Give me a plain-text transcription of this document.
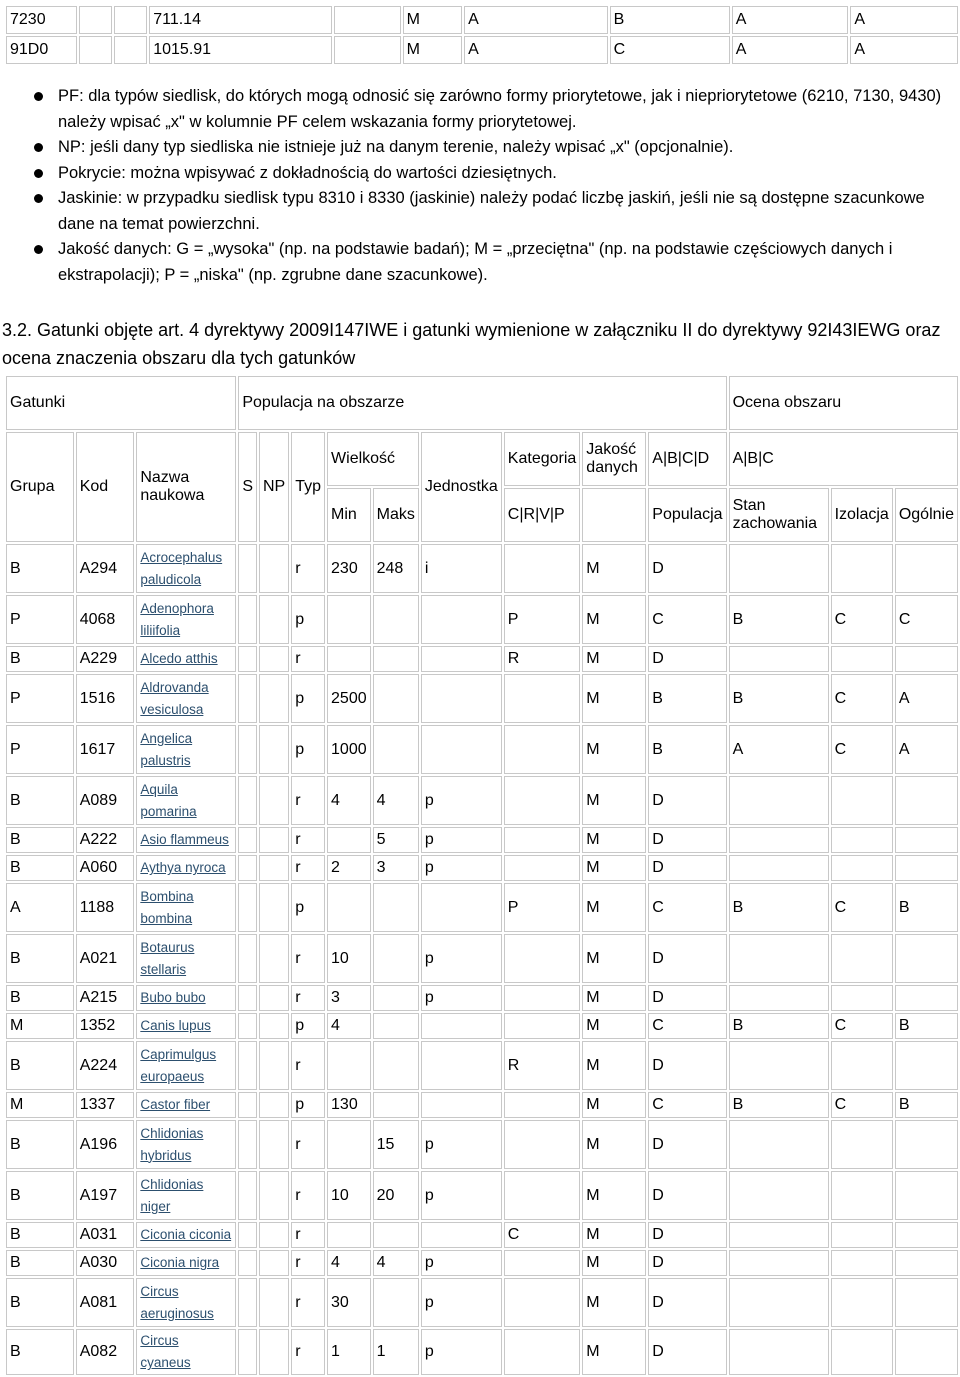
7230			711.14		M	A	B	A	A
91D0			1015.91		M	A	C	A	A
PF: dla typów siedlisk, do których mogą odnosić się zarówno formy priorytetowe, jak i niepriorytetowe (6210, 7130, 9430) należy wpisać „x" w kolumnie PF celem wskazania formy priorytetowej.
NP: jeśli dany typ siedliska nie istnieje już na danym terenie, należy wpisać „x" (opcjonalnie).
Pokrycie: można wpisywać z dokładnością do wartości dziesiętnych.
Jaskinie: w przypadku siedlisk typu 8310 i 8330 (jaskinie) należy podać liczbę jaskiń, jeśli nie są dostępne szacunkowe dane na temat powierzchni.
Jakość danych: G = „wysoka" (np. na podstawie badań); M = „przeciętna" (np. na podstawie częściowych danych i ekstrapolacji); P = „niska" (np. zgrubne dane szacunkowe).
3.2. Gatunki objęte art. 4 dyrektywy 2009I147IWE i gatunki wymienione w załączniku II do dyrektywy 92I43IEWG oraz ocena znaczenia obszaru dla tych gatunków
Gatunki			Populacja na obszarze									Ocena obszaru		
Grupa	Kod	Nazwa naukowa	S	NP	Typ	Wielkość		Jednostka	Kategoria	Jakość danych	A|B|C|D	A|B|C		
						Min	Maks		C|R|V|P		Populacja	Stan zachowania	Izolacja	Ogólnie
B	A294	Acrocephalus paludicola			r	230	248	i		M	D			
P	4068	Adenophora liliifolia			p				P	M	C	B	C	C
B	A229	Alcedo atthis			r				R	M	D			
P	1516	Aldrovanda vesiculosa			p	2500				M	B	B	C	A
P	1617	Angelica palustris			p	1000				M	B	A	C	A
B	A089	Aquila pomarina			r	4	4	p		M	D			
B	A222	Asio flammeus			r		5	p		M	D			
B	A060	Aythya nyroca			r	2	3	p		M	D			
A	1188	Bombina bombina			p				P	M	C	B	C	B
B	A021	Botaurus stellaris			r	10		p		M	D			
B	A215	Bubo bubo			r	3		p		M	D			
M	1352	Canis lupus			p	4				M	C	B	C	B
B	A224	Caprimulgus europaeus			r				R	M	D			
M	1337	Castor fiber			p	130				M	C	B	C	B
B	A196	Chlidonias hybridus			r		15	p		M	D			
B	A197	Chlidonias niger			r	10	20	p		M	D			
B	A031	Ciconia ciconia			r				C	M	D			
B	A030	Ciconia nigra			r	4	4	p		M	D			
B	A081	Circus aeruginosus			r	30		p		M	D			
B	A082	Circus cyaneus			r	1	1	p		M	D			
